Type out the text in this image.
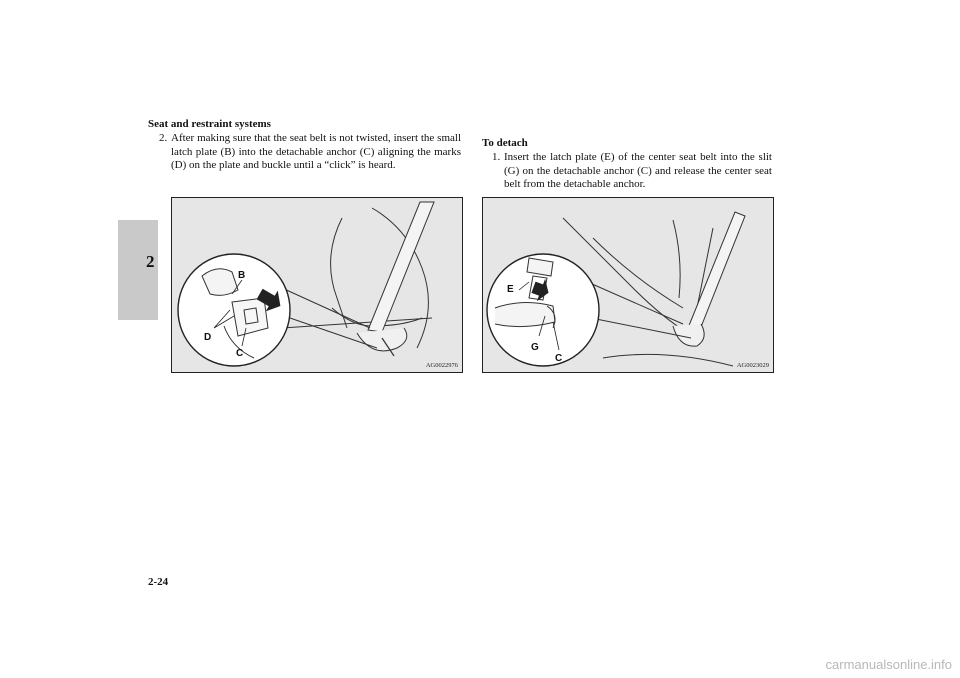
Seat and restraint systems
2
2. After making sure that the seat belt is not twisted, insert the small latch plate (B) into the detachable anchor (C) aligning the marks (D) on the plate and buckle until a “click” is heard.
B
D
C
AG0022976
To detach
1. Insert the latch plate (E) of the center seat belt into the slit (G) on the detachable anchor (C) and release the center seat belt from the detachable anchor.
E
G
C
AG0023029
2-24
carmanualsonline.info
